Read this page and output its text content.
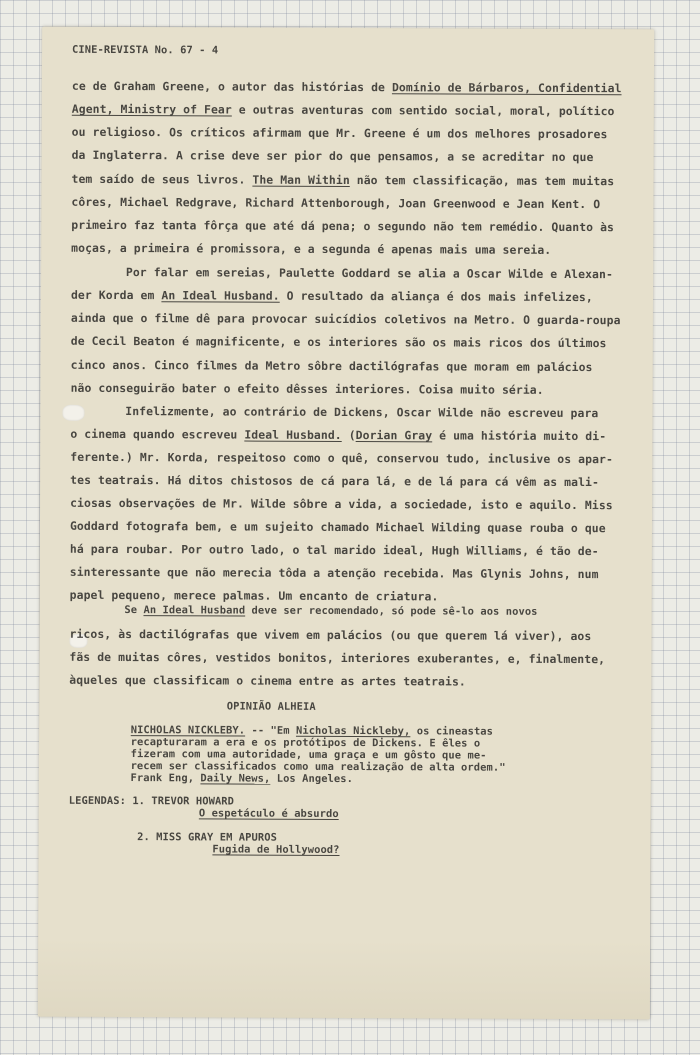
CINE-REVISTA No. 67 - 4
ce de Graham Greene, o autor das histórias de Domínio de Bárbaros, Confidential
Agent, Ministry of Fear e outras aventuras com sentido social, moral, político
ou religioso. Os críticos afirmam que Mr. Greene é um dos melhores prosadores
da Inglaterra. A crise deve ser pior do que pensamos, a se acreditar no que
tem saído de seus livros. The Man Within não tem classificação, mas tem muitas
côres, Michael Redgrave, Richard Attenborough, Joan Greenwood e Jean Kent. O
primeiro faz tanta fôrça que até dá pena; o segundo não tem remédio. Quanto às
moças, a primeira é promissora, e a segunda é apenas mais uma sereia.
Por falar em sereias, Paulette Goddard se alia a Oscar Wilde e Alexan-
der Korda em An Ideal Husband. O resultado da aliança é dos mais infelizes,
ainda que o filme dê para provocar suicídios coletivos na Metro. O guarda-roupa
de Cecil Beaton é magnificente, e os interiores são os mais ricos dos últimos
cinco anos. Cinco filmes da Metro sôbre dactilógrafas que moram em palácios
não conseguirão bater o efeito dêsses interiores. Coisa muito séria.
Infelizmente, ao contrário de Dickens, Oscar Wilde não escreveu para
o cinema quando escreveu Ideal Husband. (Dorian Gray é uma história muito di-
ferente.) Mr. Korda, respeitoso como o quê, conservou tudo, inclusive os apar-
tes teatrais. Há ditos chistosos de cá para lá, e de lá para cá vêm as mali-
ciosas observações de Mr. Wilde sôbre a vida, a sociedade, isto e aquilo. Miss
Goddard fotografa bem, e um sujeito chamado Michael Wilding quase rouba o que
há para roubar. Por outro lado, o tal marido ideal, Hugh Williams, é tão de-
sinteressante que não merecia tôda a atenção recebida. Mas Glynis Johns, num
papel pequeno, merece palmas. Um encanto de criatura.
Se An Ideal Husband deve ser recomendado, só pode sê-lo aos novos
ricos, às dactilógrafas que vivem em palácios (ou que querem lá viver), aos
fãs de muitas côres, vestidos bonitos, interiores exuberantes, e, finalmente,
àqueles que classificam o cinema entre as artes teatrais.
OPINIÃO ALHEIA
NICHOLAS NICKLEBY. -- "Em Nicholas Nickleby, os cineastas
recapturaram a era e os protótipos de Dickens. E êles o
fizeram com uma autoridade, uma graça e um gôsto que me-
recem ser classificados como uma realização de alta ordem."
Frank Eng, Daily News, Los Angeles.
LEGENDAS: 1. TREVOR HOWARD
O espetáculo é absurdo
2. MISS GRAY EM APUROS
Fugida de Hollywood?
